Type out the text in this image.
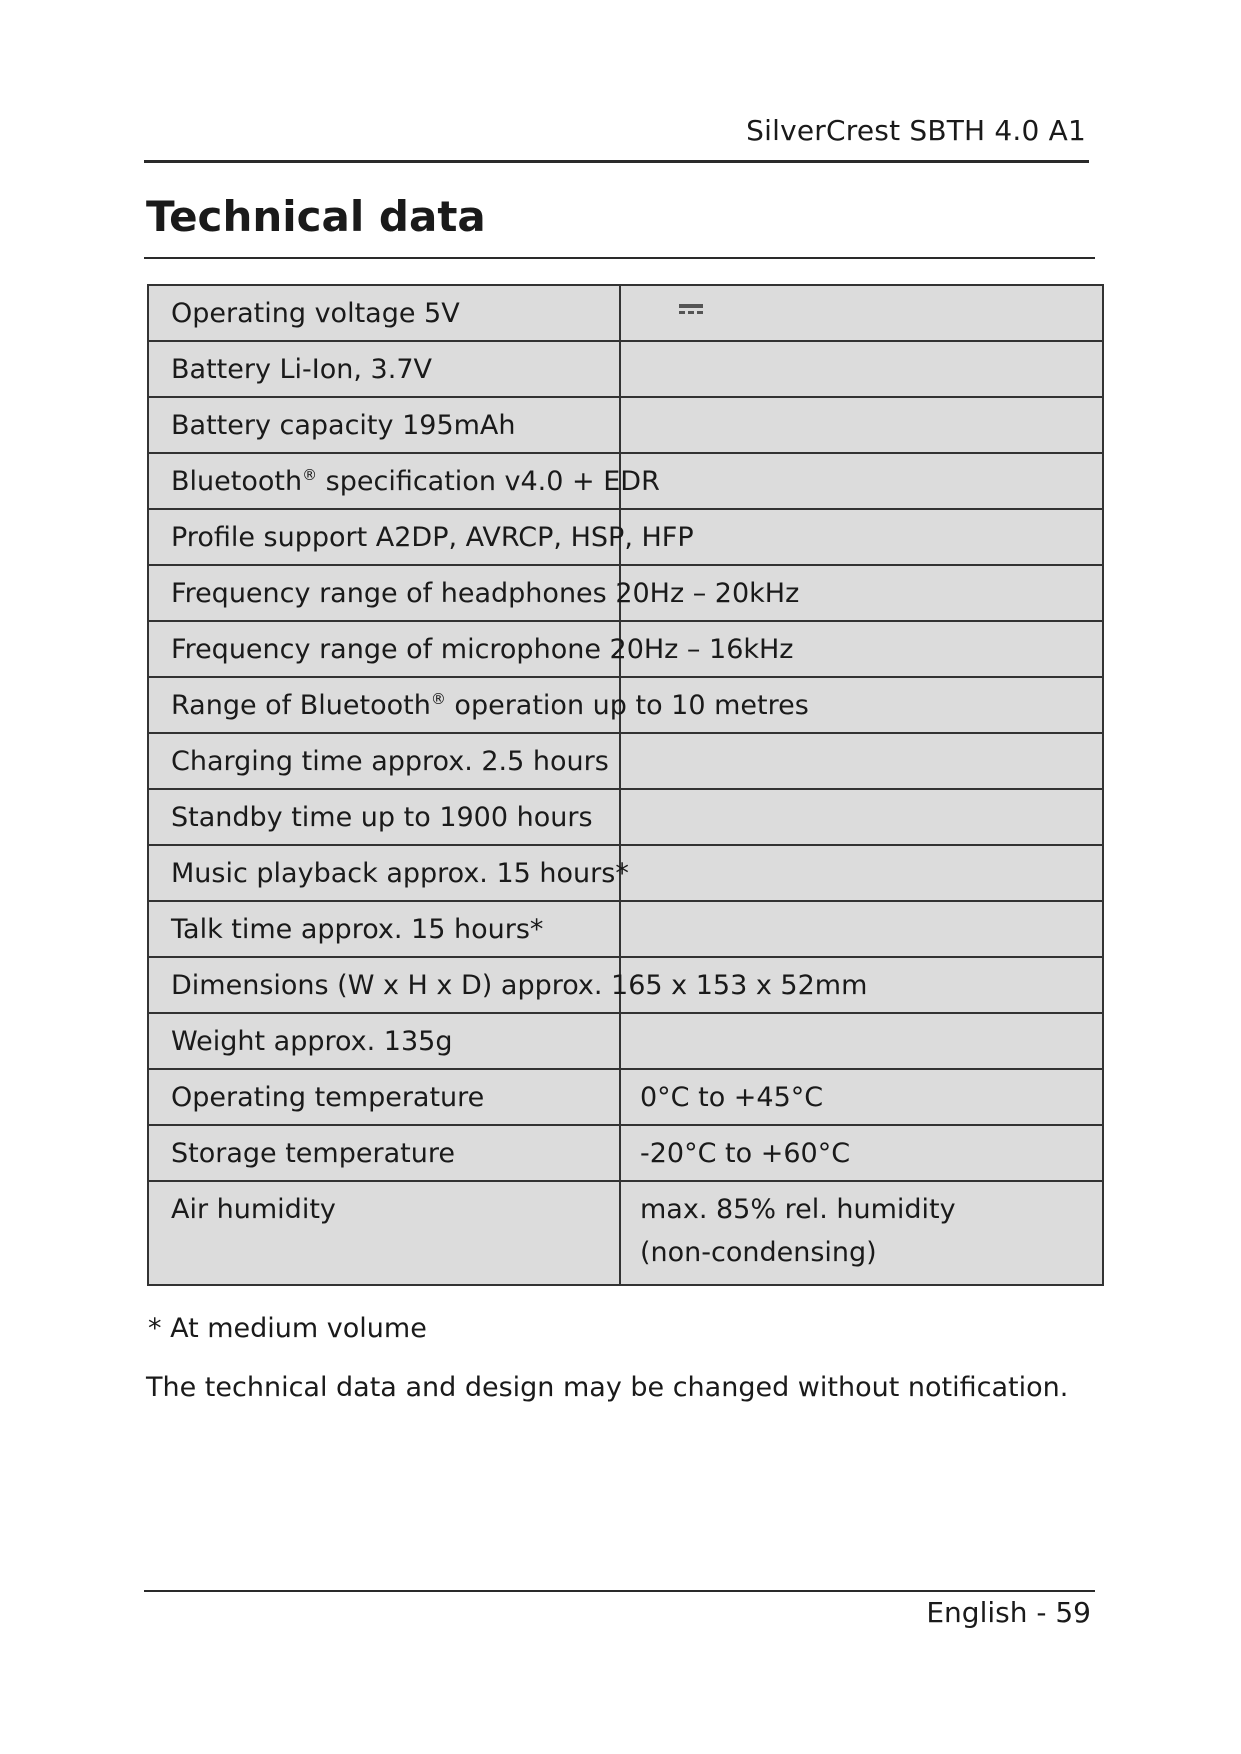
SilverCrest SBTH 4.0 A1
Technical data
Operating voltage 5V	
Battery Li-Ion, 3.7V	
Battery capacity 195mAh	
Bluetooth® specification v4.0 + EDR	
Profile support A2DP, AVRCP, HSP, HFP	
Frequency range of headphones 20Hz – 20kHz	
Frequency range of microphone 20Hz – 16kHz	
Range of Bluetooth® operation up to 10 metres	
Charging time approx. 2.5 hours	
Standby time up to 1900 hours	
Music playback approx. 15 hours*	
Talk time approx. 15 hours*	
Dimensions (W x H x D) approx. 165 x 153 x 52mm	
Weight approx. 135g	
Operating temperature	0°C to +45°C
Storage temperature	-20°C to +60°C
Air humidity	max. 85% rel. humidity
(non-condensing)
* At medium volume
The technical data and design may be changed without notification.
English - 59
